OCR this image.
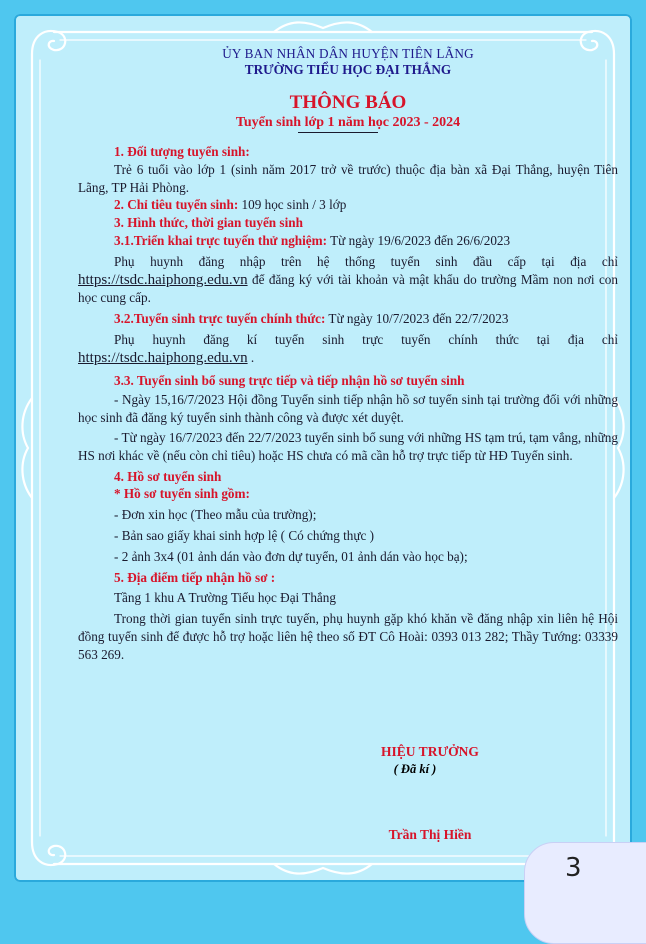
ỦY BAN NHÂN DÂN HUYỆN TIÊN LÃNG

TRƯỜNG TIỂU HỌC ĐẠI THẮNG

THÔNG BÁO

Tuyển sinh lớp 1 năm học 2023 - 2024

1. Đối tượng tuyển sinh:

Trẻ 6 tuổi vào lớp 1 (sinh năm 2017 trở về trước) thuộc địa bàn xã Đại Thắng, huyện Tiên Lãng, TP Hải Phòng.

2. Chỉ tiêu tuyển sinh: 109 học sinh / 3 lớp

3. Hình thức, thời gian tuyển sinh

3.1.Triển khai trực tuyến thử nghiệm: Từ ngày 19/6/2023 đến 26/6/2023

Phụ huynh đăng nhập trên hệ thống tuyển sinh đầu cấp tại địa chỉ https://tsdc.haiphong.edu.vn để đăng ký với tài khoản và mật khẩu do trường Mầm non nơi con học cung cấp.

3.2.Tuyển sinh trực tuyến chính thức: Từ ngày 10/7/2023 đến 22/7/2023

Phụ huynh đăng kí tuyển sinh trực tuyến chính thức tại địa chỉ

https://tsdc.haiphong.edu.vn .

3.3. Tuyển sinh bổ sung trực tiếp và tiếp nhận hồ sơ tuyển sinh

- Ngày 15,16/7/2023 Hội đồng Tuyển sinh tiếp nhận hồ sơ tuyển sinh tại trường đối với những học sinh đã đăng ký tuyển sinh thành công và được xét duyệt.

- Từ ngày 16/7/2023 đến 22/7/2023 tuyển sinh bổ sung với những HS tạm trú, tạm vắng, những HS nơi khác về (nếu còn chỉ tiêu) hoặc HS chưa có mã cần hỗ trợ trực tiếp từ HĐ Tuyển sinh.

4. Hồ sơ tuyển sinh

* Hồ sơ tuyển sinh gồm:

- Đơn xin học (Theo mẫu của trường);

- Bản sao giấy khai sinh hợp lệ ( Có chứng thực )

- 2 ảnh 3x4 (01 ảnh dán vào đơn dự tuyển, 01 ảnh dán vào học bạ);

5. Địa điểm tiếp nhận hồ sơ :

Tầng 1 khu A Trường Tiểu học Đại Thắng

Trong thời gian tuyển sinh trực tuyến, phụ huynh gặp khó khăn về đăng nhập xin liên hệ Hội đồng tuyển sinh để được hỗ trợ hoặc liên hệ theo số ĐT Cô Hoài: 0393 013 282; Thầy Tướng: 03339 563 269.

HIỆU TRƯỞNG

( Đã kí )

Trần Thị Hiền

3
